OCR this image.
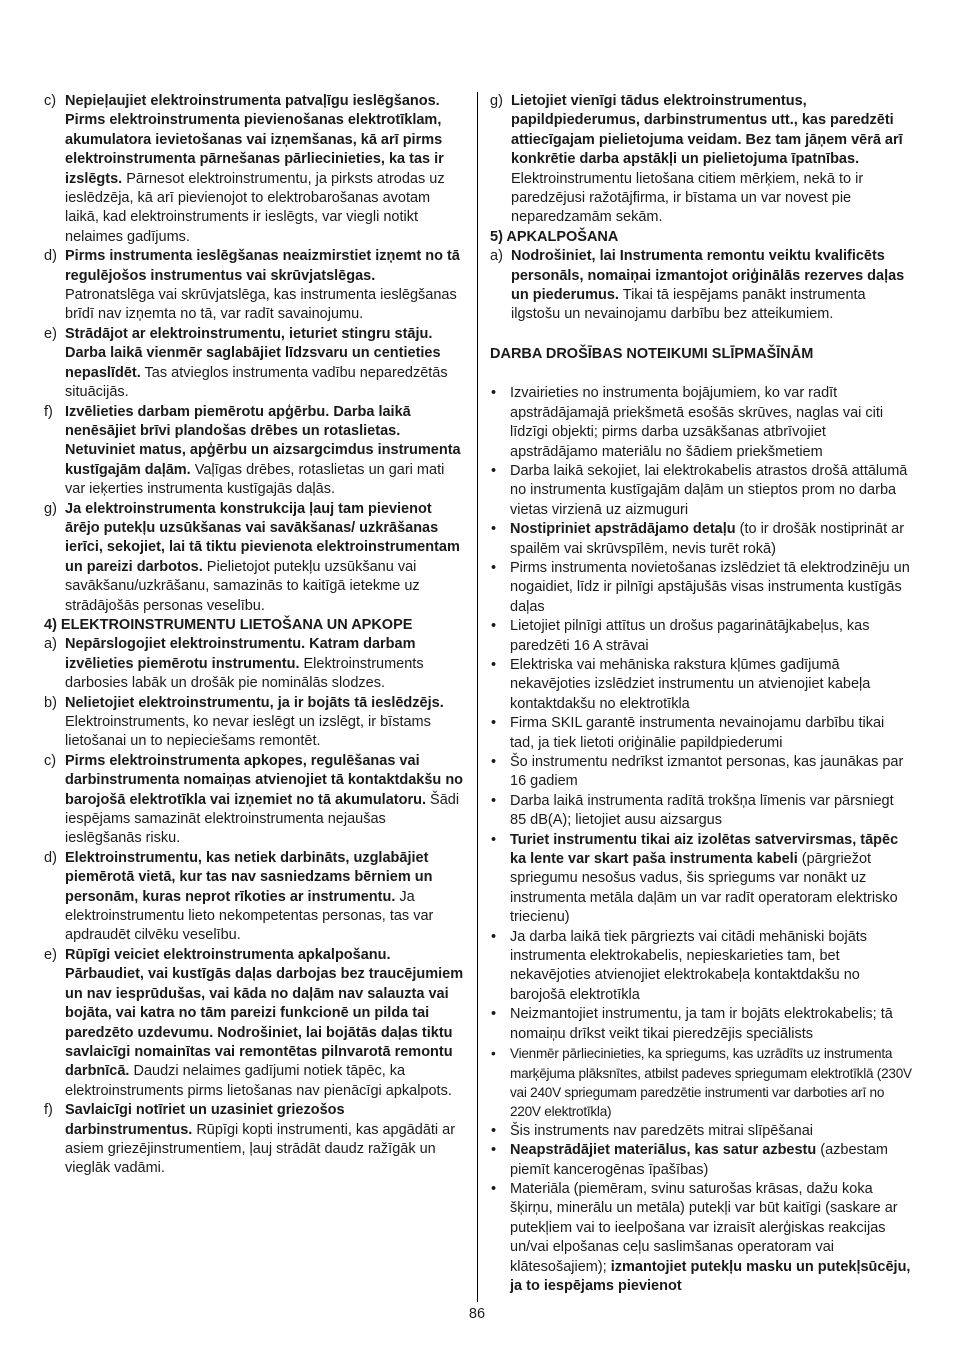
c) Nepieļaujiet elektroinstrumenta patvaļīgu ieslēgšanos. Pirms elektroinstrumenta pievienošanas elektrotīklam, akumulatora ievietošanas vai izņemšanas, kā arī pirms elektroinstrumenta pārnešanas pārliecinieties, ka tas ir izslēgts. Pārnesot elektroinstrumentu, ja pirksts atrodas uz ieslēdzēja, kā arī pievienojot to elektrobarošanas avotam laikā, kad elektroinstruments ir ieslēgts, var viegli notikt nelaimes gadījums.
d) Pirms instrumenta ieslēgšanas neaizmirstiet izņemt no tā regulējošos instrumentus vai skrūvjatslēgas. Patronatslēga vai skrūvjatslēga, kas instrumenta ieslēgšanas brīdī nav izņemta no tā, var radīt savainojumu.
e) Strādājot ar elektroinstrumentu, ieturiet stingru stāju. Darba laikā vienmēr saglabājiet līdzsvaru un centieties nepaslīdēt. Tas atvieglos instrumenta vadību neparedzētās situācijās.
f) Izvēlieties darbam piemērotu apģērbu. Darba laikā nenēsājiet brīvi plandošas drēbes un rotaslietas. Netuviniet matus, apģērbu un aizsargcimdus instrumenta kustīgajām daļām. Vaļīgas drēbes, rotaslietas un gari mati var ieķerties instrumenta kustīgajās daļās.
g) Ja elektroinstrumenta konstrukcija ļauj tam pievienot ārējo putekļu uzsūkšanas vai savākšanas/ uzkrāšanas ierīci, sekojiet, lai tā tiktu pievienota elektroinstrumentam un pareizi darbotos. Pielietojot putekļu uzsūkšanu vai savākšanu/uzkrāšanu, samazinās to kaitīgā ietekme uz strādājošās personas veselību.
4) ELEKTROINSTRUMENTU LIETOŠANA UN APKOPE
a) Nepārslogojiet elektroinstrumentu. Katram darbam izvēlieties piemērotu instrumentu. Elektroinstruments darbosies labāk un drošāk pie nominālās slodzes.
b) Nelietojiet elektroinstrumentu, ja ir bojāts tā ieslēdzējs. Elektroinstruments, ko nevar ieslēgt un izslēgt, ir bīstams lietošanai un to nepieciešams remontēt.
c) Pirms elektroinstrumenta apkopes, regulēšanas vai darbinstrumenta nomaiņas atvienojiet tā kontaktdakšu no barojošā elektrotīkla vai izņemiet no tā akumulatoru. Šādi iespējams samazināt elektroinstrumenta nejaušas ieslēgšanās risku.
d) Elektroinstrumentu, kas netiek darbināts, uzglabājiet piemērotā vietā, kur tas nav sasniedzams bērniem un personām, kuras neprot rīkoties ar instrumentu. Ja elektroinstrumentu lieto nekompetentas personas, tas var apdraudēt cilvēku veselību.
e) Rūpīgi veiciet elektroinstrumenta apkalpošanu. Pārbaudiet, vai kustīgās daļas darbojas bez traucējumiem un nav iesprūdušas, vai kāda no daļām nav salauzta vai bojāta, vai katra no tām pareizi funkcionē un pilda tai paredzēto uzdevumu. Nodrošiniet, lai bojātās daļas tiktu savlaicīgi nomainītas vai remontētas pilnvarotā remontu darbnīcā. Daudzi nelaimes gadījumi notiek tāpēc, ka elektroinstruments pirms lietošanas nav pienācīgi apkalpots.
f) Savlaicīgi notīriet un uzasiniet griezošos darbinstrumentus. Rūpīgi kopti instrumenti, kas apgādāti ar asiem griezējinstrumentiem, ļauj strādāt daudz ražīgāk un vieglāk vadāmi.
g) Lietojiet vienīgi tādus elektroinstrumentus, papildpiederumus, darbinstrumentus utt., kas paredzēti attiecīgajam pielietojuma veidam. Bez tam jāņem vērā arī konkrētie darba apstākļi un pielietojuma īpatnības. Elektroinstrumentu lietošana citiem mērķiem, nekā to ir paredzējusi ražotājfirma, ir bīstama un var novest pie neparedzamām sekām.
5) APKALPOŠANA
a) Nodrošiniet, lai Instrumenta remontu veiktu kvalificēts personāls, nomaiņai izmantojot oriģinālās rezerves daļas un piederumus. Tikai tā iespējams panākt instrumenta ilgstošu un nevainojamu darbību bez atteikumiem.
DARBA DROŠĪBAS NOTEIKUMI SLĪPMAŠĪNĀM
• Izvairieties no instrumenta bojājumiem, ko var radīt apstrādājamajā priekšmetā esošās skrūves, naglas vai citi līdzīgi objekti; pirms darba uzsākšanas atbrīvojiet apstrādājamo materiālu no šādiem priekšmetiem
• Darba laikā sekojiet, lai elektrokabelis atrastos drošā attālumā no instrumenta kustīgajām daļām un stieptos prom no darba vietas virzienā uz aizmuguri
• Nostipriniet apstrādājamo detaļu (to ir drošāk nostiprināt ar spailēm vai skrūvspīlēm, nevis turēt rokā)
• Pirms instrumenta novietošanas izslēdziet tā elektrodzinēju un nogaidiet, līdz ir pilnīgi apstājušās visas instrumenta kustīgās daļas
• Lietojiet pilnīgi attītus un drošus pagarinātājkabeļus, kas paredzēti 16 A strāvai
• Elektriska vai mehāniska rakstura kļūmes gadījumā nekavējoties izslēdziet instrumentu un atvienojiet kabeļa kontaktdakšu no elektrotīkla
• Firma SKIL garantē instrumenta nevainojamu darbību tikai tad, ja tiek lietoti oriģinālie papildpiederumi
• Šo instrumentu nedrīkst izmantot personas, kas jaunākas par 16 gadiem
• Darba laikā instrumenta radītā trokšņa līmenis var pārsniegt 85 dB(A); lietojiet ausu aizsargus
• Turiet instrumentu tikai aiz izolētas satvervirsmas, tāpēc ka lente var skart paša instrumenta kabeli (pārgriežot spriegumu nesošus vadus, šis spriegums var nonākt uz instrumenta metāla daļām un var radīt operatoram elektrisko triecienu)
• Ja darba laikā tiek pārgriezts vai citādi mehāniski bojāts instrumenta elektrokabelis, nepieskarieties tam, bet nekavējoties atvienojiet elektrokabeļa kontaktdakšu no barojošā elektrotīkla
• Neizmantojiet instrumentu, ja tam ir bojāts elektrokabelis; tā nomaiņu drīkst veikt tikai pieredzējis speciālists
• Vienmēr pārliecinieties, ka spriegums, kas uzrādīts uz instrumenta marķējuma plāksnītes, atbilst padeves spriegumam elektrotīklā (230V vai 240V spriegumam paredzētie instrumenti var darboties arī no 220V elektrotīkla)
• Šis instruments nav paredzēts mitrai slīpēšanai
• Neapstrādājiet materiālus, kas satur azbestu (azbestam piemīt kancerogēnas īpašības)
• Materiāla (piemēram, svinu saturošas krāsas, dažu koka šķirņu, minerālu un metāla) putekļi var būt kaitīgi (saskare ar putekļiem vai to ieelpošana var izraisīt alerģiskas reakcijas un/vai elpošanas ceļu saslimšanas operatoram vai klātesošajiem); izmantojiet putekļu masku un putekļsūcēju, ja to iespējams pievienot
86
